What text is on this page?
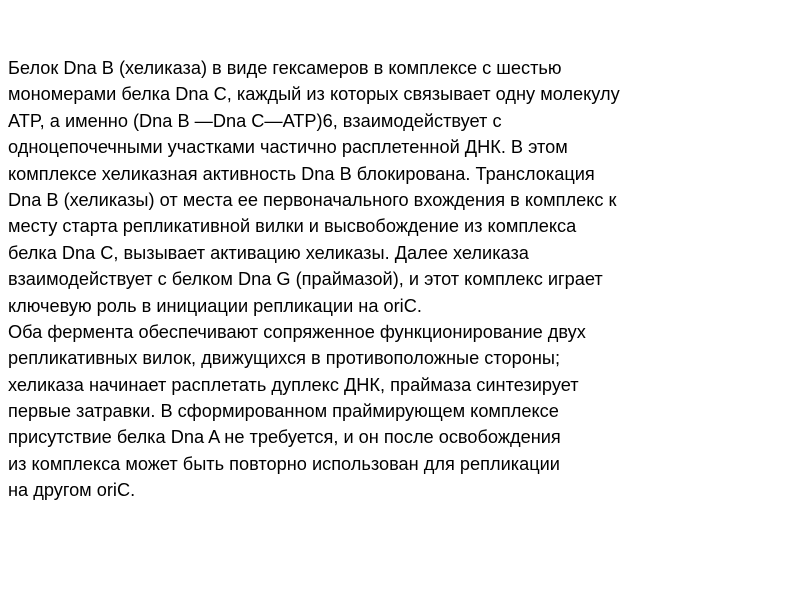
Белок Dna B (хеликаза) в виде гексамеров в комплексе с шестью
мономерами белка Dna C, каждый из которых связывает одну молекулу
ATP, а именно (Dna B —Dna C—АТР)6, взаимодействует с
одноцепочечными участками частично расплетенной ДНК. В этом
комплексе хеликазная активность Dna B блокирована. Транслокация
Dna B (хеликазы) от места ее первоначального вхождения в комплекс к
месту старта репликативной вилки и высвобождение из комплекса
белка Dna C, вызывает активацию хеликазы. Далее хеликаза
взаимодействует с белком Dna G (праймазой), и этот комплекс играет
ключевую роль в инициации репликации на oriC.
Оба фермента обеспечивают сопряженное функционирование двух
репликативных вилок, движущихся в противоположные стороны;
хеликаза начинает расплетать дуплекс ДНК, праймаза синтезирует
первые затравки. В сформированном праймирующем комплексе
присутствие белка Dna A не требуется, и он после освобождения
из комплекса может быть повторно использован для репликации
на другом oriC.
